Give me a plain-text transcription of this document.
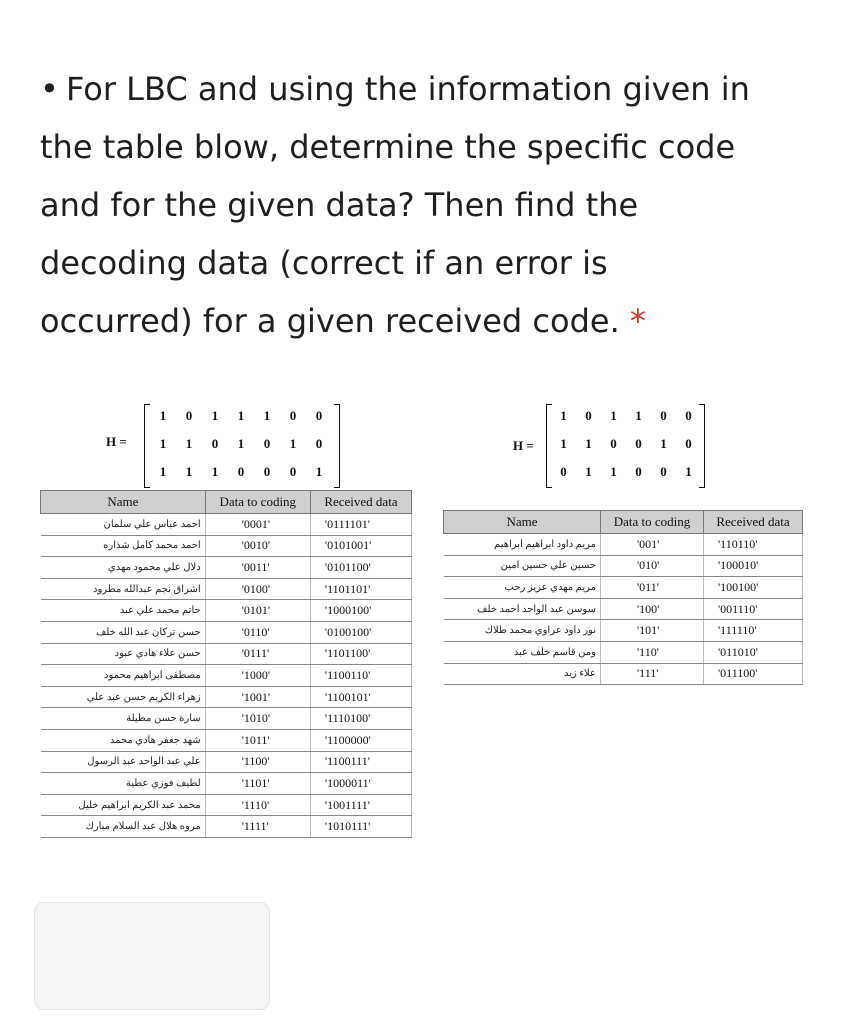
• For LBC and using the information given in
the table blow, determine the specific code
and for the given data? Then find the
decoding data (correct if an error is
occurred) for a given received code. *
H =
1	0	1	1	1	0	0
1	1	0	1	0	1	0
1	1	1	0	0	0	1
Name	Data to coding	Received data
احمد عباس علي سلمان	'0001'	'0111101'
احمد محمد كامل شذاره	'0010'	'0101001'
دلال علي محمود مهدي	'0011'	'0101100'
اشراق نجم عبدالله مطرود	'0100'	'1101101'
حاتم محمد علي عبد	'0101'	'1000100'
حسن تركان عبد الله خلف	'0110'	'0100100'
حسن علاء هادي عبود	'0111'	'1101100'
مصطفى ابراهيم محمود	'1000'	'1100110'
زهراء الكريم حسن عبد علي	'1001'	'1100101'
سارة حسن مطيلة	'1010'	'1110100'
شهد جعفر هادي محمد	'1011'	'1100000'
علي عبد الواحد عبد الرسول	'1100'	'1100111'
لطيف فوزي عطية	'1101'	'1000011'
محمد عبد الكريم ابراهيم خليل	'1110'	'1001111'
مروه هلال عبد السلام مبارك	'1111'	'1010111'
H =
1	0	1	1	0	0
1	1	0	0	1	0
0	1	1	0	0	1
Name	Data to coding	Received data
مريم داود ابراهيم ابراهيم	'001'	'110110'
حسين علي حسين امين	'010'	'100010'
مريم مهدي عزيز رحب	'011'	'100100'
سوسن عبد الواحد احمد خلف	'100'	'001110'
نور داود عراوي محمد طلاك	'101'	'111110'
ومن قاسم خلف عبد	'110'	'011010'
علاء زيد	'111'	'011100'
